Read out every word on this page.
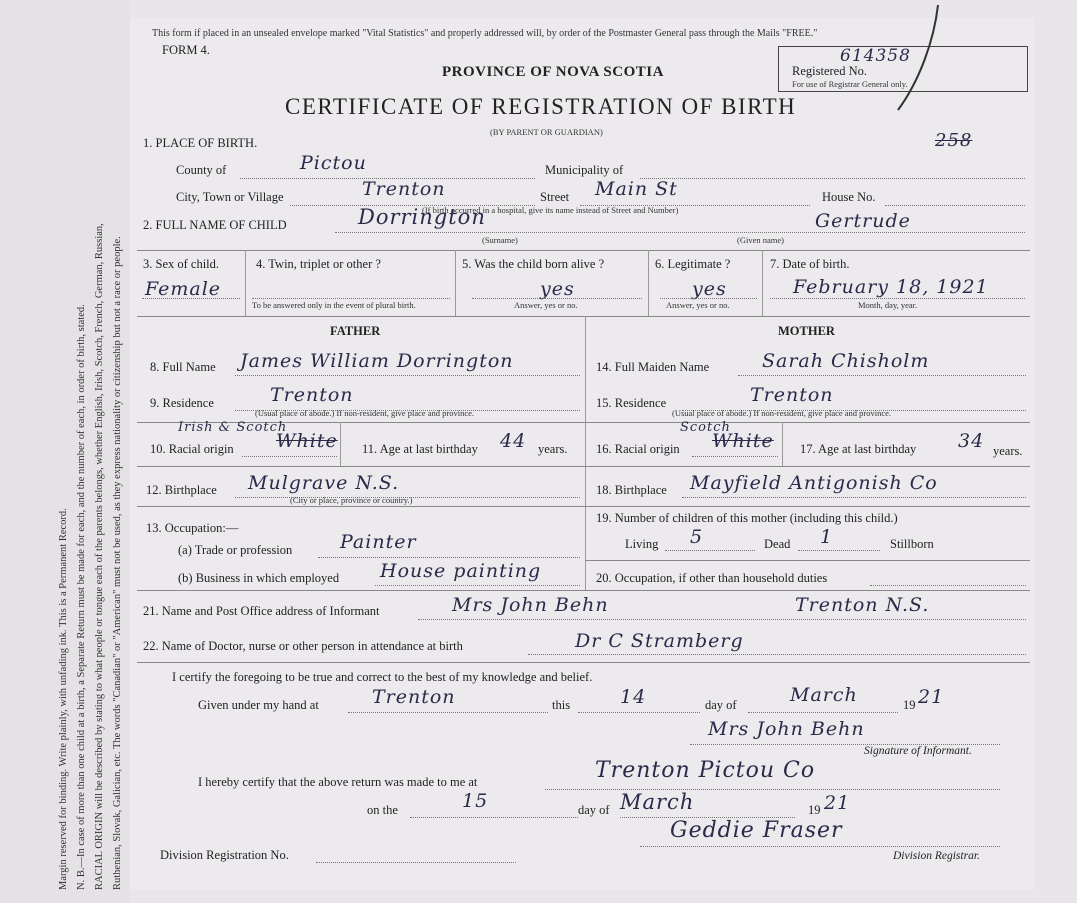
Margin reserved for binding. Write plainly, with unfading ink. This is a Permanent Record. N. B.—In case of more than one child at a birth, a Separate Return must be made for each, and the number of each, in order of birth, stated. RACIAL ORIGIN will be described by stating to what people or tongue each of the parents belongs, whether English, Irish, Scotch, French, German, Russian, Ruthenian, Slovak, Galician, etc. The words "Canadian" or "American" must not be used, as they express nationality or citizenship but not a race or people.
This form if placed in an unsealed envelope marked "Vital Statistics" and properly addressed will, by order of the Postmaster General pass through the Mails "FREE."
FORM 4.
PROVINCE OF NOVA SCOTIA
CERTIFICATE OF REGISTRATION OF BIRTH
(BY PARENT OR GUARDIAN)
614358
Registered No.
For use of Registrar General only.
258
1. PLACE OF BIRTH.
County of	Pictou	Municipality of
City, Town or Village	Trenton	Street Main St	House No.
(If birth occurred in a hospital, give its name instead of Street and Number)
2. FULL NAME OF CHILD	Dorrington	Gertrude
(Surname)	(Given name)
3. Sex of child.
Female
4. Twin, triplet or other ?
To be answered only in the event of plural birth.
5. Was the child born alive ?
yes
Answer, yes or no.
6. Legitimate ?
yes
Answer, yes or no.
7. Date of birth.
February 18, 1921
Month, day, year.
FATHER
8. Full Name James William Dorrington
9. Residence	Trenton
(Usual place of abode.) If non-resident, give place and province.
Irish & Scotch
10. Racial origin White 11. Age at last birthday 44 years.
12. Birthplace Mulgrave N.S.
(City or place, province or country.)
13. Occupation:—
(a) Trade or profession	Painter
(b) Business in which employed House painting
MOTHER
14. Full Maiden Name	Sarah Chisholm
15. Residence	Trenton
(Usual place of abode.) If non-resident, give place and province.
Scotch
16. Racial origin White 17. Age at last birthday 34 years.
18. Birthplace Mayfield Antigonish Co
19. Number of children of this mother (including this child.)
Living 5	Dead 1	Stillborn
20. Occupation, if other than household duties
21. Name and Post Office address of Informant	Mrs John Behn	Trenton N.S.
22. Name of Doctor, nurse or other person in attendance at birth	Dr C Stramberg
I certify the foregoing to be true and correct to the best of my knowledge and belief.
Given under my hand at	Trenton	this	14	day of	March	19 21
Mrs John Behn
Signature of Informant.
I hereby certify that the above return was made to me at	Trenton Pictou Co
on the	15	day of March	19 21
Geddie Fraser
Division Registration No.	Division Registrar.
